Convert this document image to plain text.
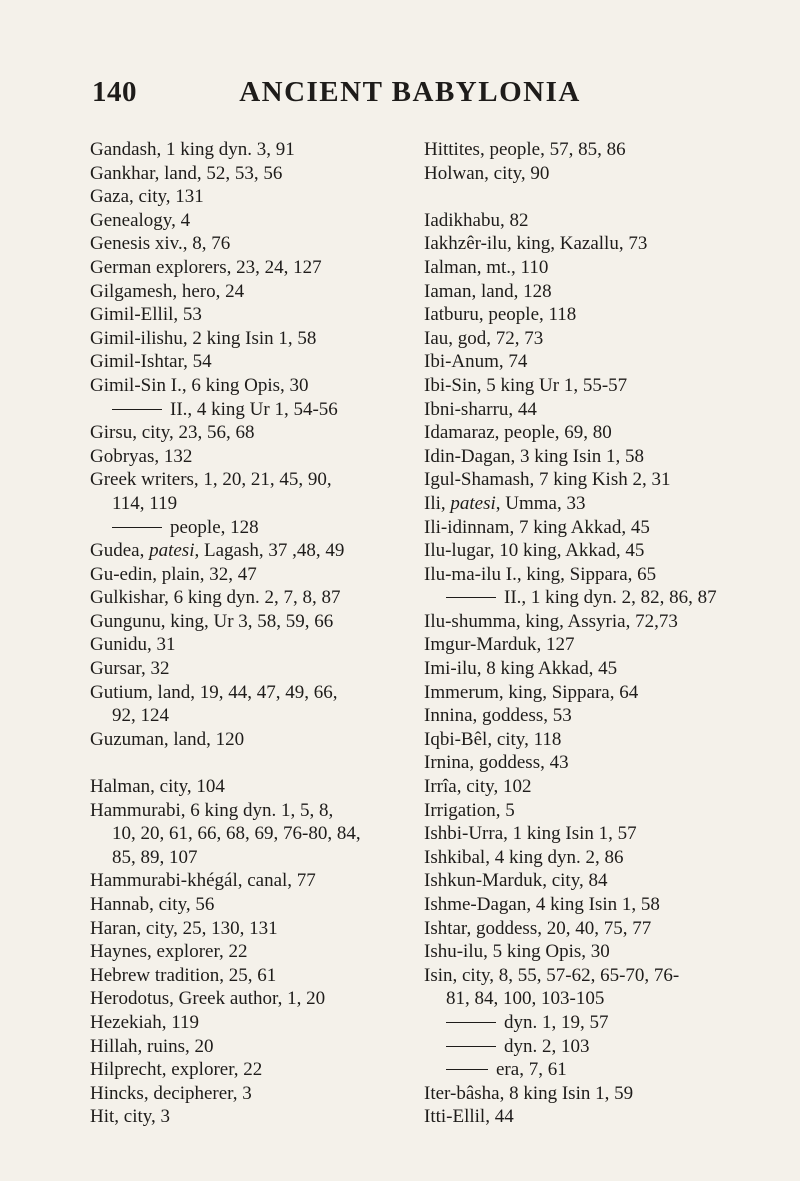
140	ANCIENT BABYLONIA
Gandash, 1 king dyn. 3, 91
Gankhar, land, 52, 53, 56
Gaza, city, 131
Genealogy, 4
Genesis xiv., 8, 76
German explorers, 23, 24, 127
Gilgamesh, hero, 24
Gimil-Ellil, 53
Gimil-ilishu, 2 king Isin 1, 58
Gimil-Ishtar, 54
Gimil-Sin I., 6 king Opis, 30
II., 4 king Ur 1, 54-56
Girsu, city, 23, 56, 68
Gobryas, 132
Greek writers, 1, 20, 21, 45, 90,
114, 119
people, 128
Gudea, patesi, Lagash, 37 ,48, 49
Gu-edin, plain, 32, 47
Gulkishar, 6 king dyn. 2, 7, 8, 87
Gungunu, king, Ur 3, 58, 59, 66
Gunidu, 31
Gursar, 32
Gutium, land, 19, 44, 47, 49, 66,
92, 124
Guzuman, land, 120
Halman, city, 104
Hammurabi, 6 king dyn. 1, 5, 8,
10, 20, 61, 66, 68, 69, 76-80, 84,
85, 89, 107
Hammurabi-khégál, canal, 77
Hannab, city, 56
Haran, city, 25, 130, 131
Haynes, explorer, 22
Hebrew tradition, 25, 61
Herodotus, Greek author, 1, 20
Hezekiah, 119
Hillah, ruins, 20
Hilprecht, explorer, 22
Hincks, decipherer, 3
Hit, city, 3
Hittites, people, 57, 85, 86
Holwan, city, 90
Iadikhabu, 82
Iakhzêr-ilu, king, Kazallu, 73
Ialman, mt., 110
Iaman, land, 128
Iatburu, people, 118
Iau, god, 72, 73
Ibi-Anum, 74
Ibi-Sin, 5 king Ur 1, 55-57
Ibni-sharru, 44
Idamaraz, people, 69, 80
Idin-Dagan, 3 king Isin 1, 58
Igul-Shamash, 7 king Kish 2, 31
Ili, patesi, Umma, 33
Ili-idinnam, 7 king Akkad, 45
Ilu-lugar, 10 king, Akkad, 45
Ilu-ma-ilu I., king, Sippara, 65
II., 1 king dyn. 2, 82, 86, 87
Ilu-shumma, king, Assyria, 72,73
Imgur-Marduk, 127
Imi-ilu, 8 king Akkad, 45
Immerum, king, Sippara, 64
Innina, goddess, 53
Iqbi-Bêl, city, 118
Irnina, goddess, 43
Irrîa, city, 102
Irrigation, 5
Ishbi-Urra, 1 king Isin 1, 57
Ishkibal, 4 king dyn. 2, 86
Ishkun-Marduk, city, 84
Ishme-Dagan, 4 king Isin 1, 58
Ishtar, goddess, 20, 40, 75, 77
Ishu-ilu, 5 king Opis, 30
Isin, city, 8, 55, 57-62, 65-70, 76-
81, 84, 100, 103-105
dyn. 1, 19, 57
dyn. 2, 103
era, 7, 61
Iter-bâsha, 8 king Isin 1, 59
Itti-Ellil, 44
